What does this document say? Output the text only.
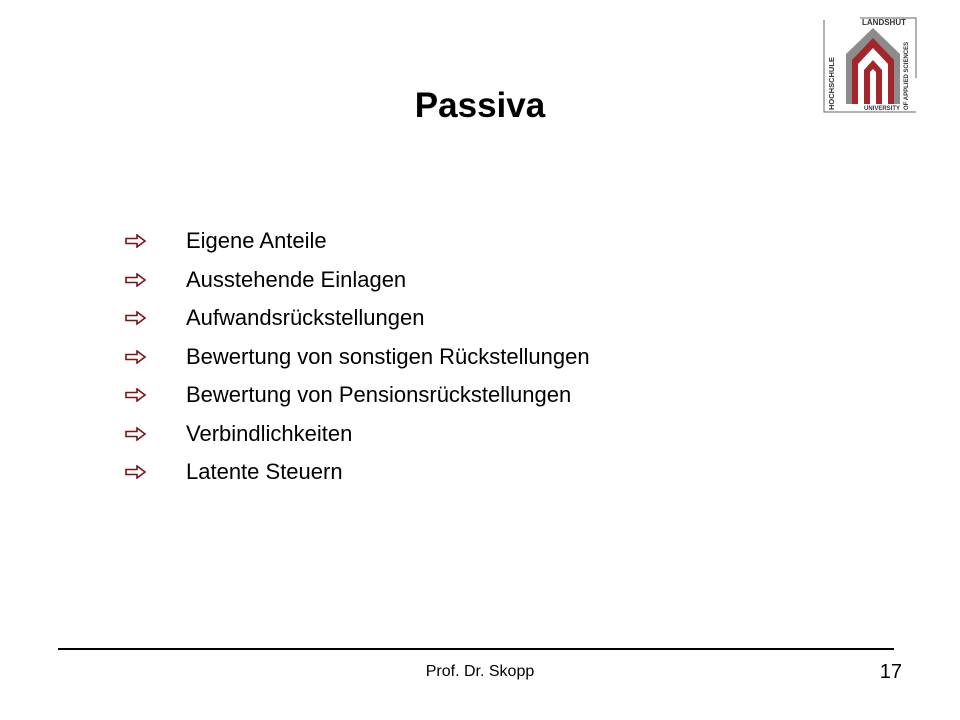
LANDSHUT
HOCHSCHULE	UNIVERSITY OF APPLIED SCIENCES
Passiva
Eigene Anteile
Ausstehende Einlagen
Aufwandsrückstellungen
Bewertung von sonstigen Rückstellungen
Bewertung von Pensionsrückstellungen
Verbindlichkeiten
Latente Steuern
Prof. Dr. Skopp	17
